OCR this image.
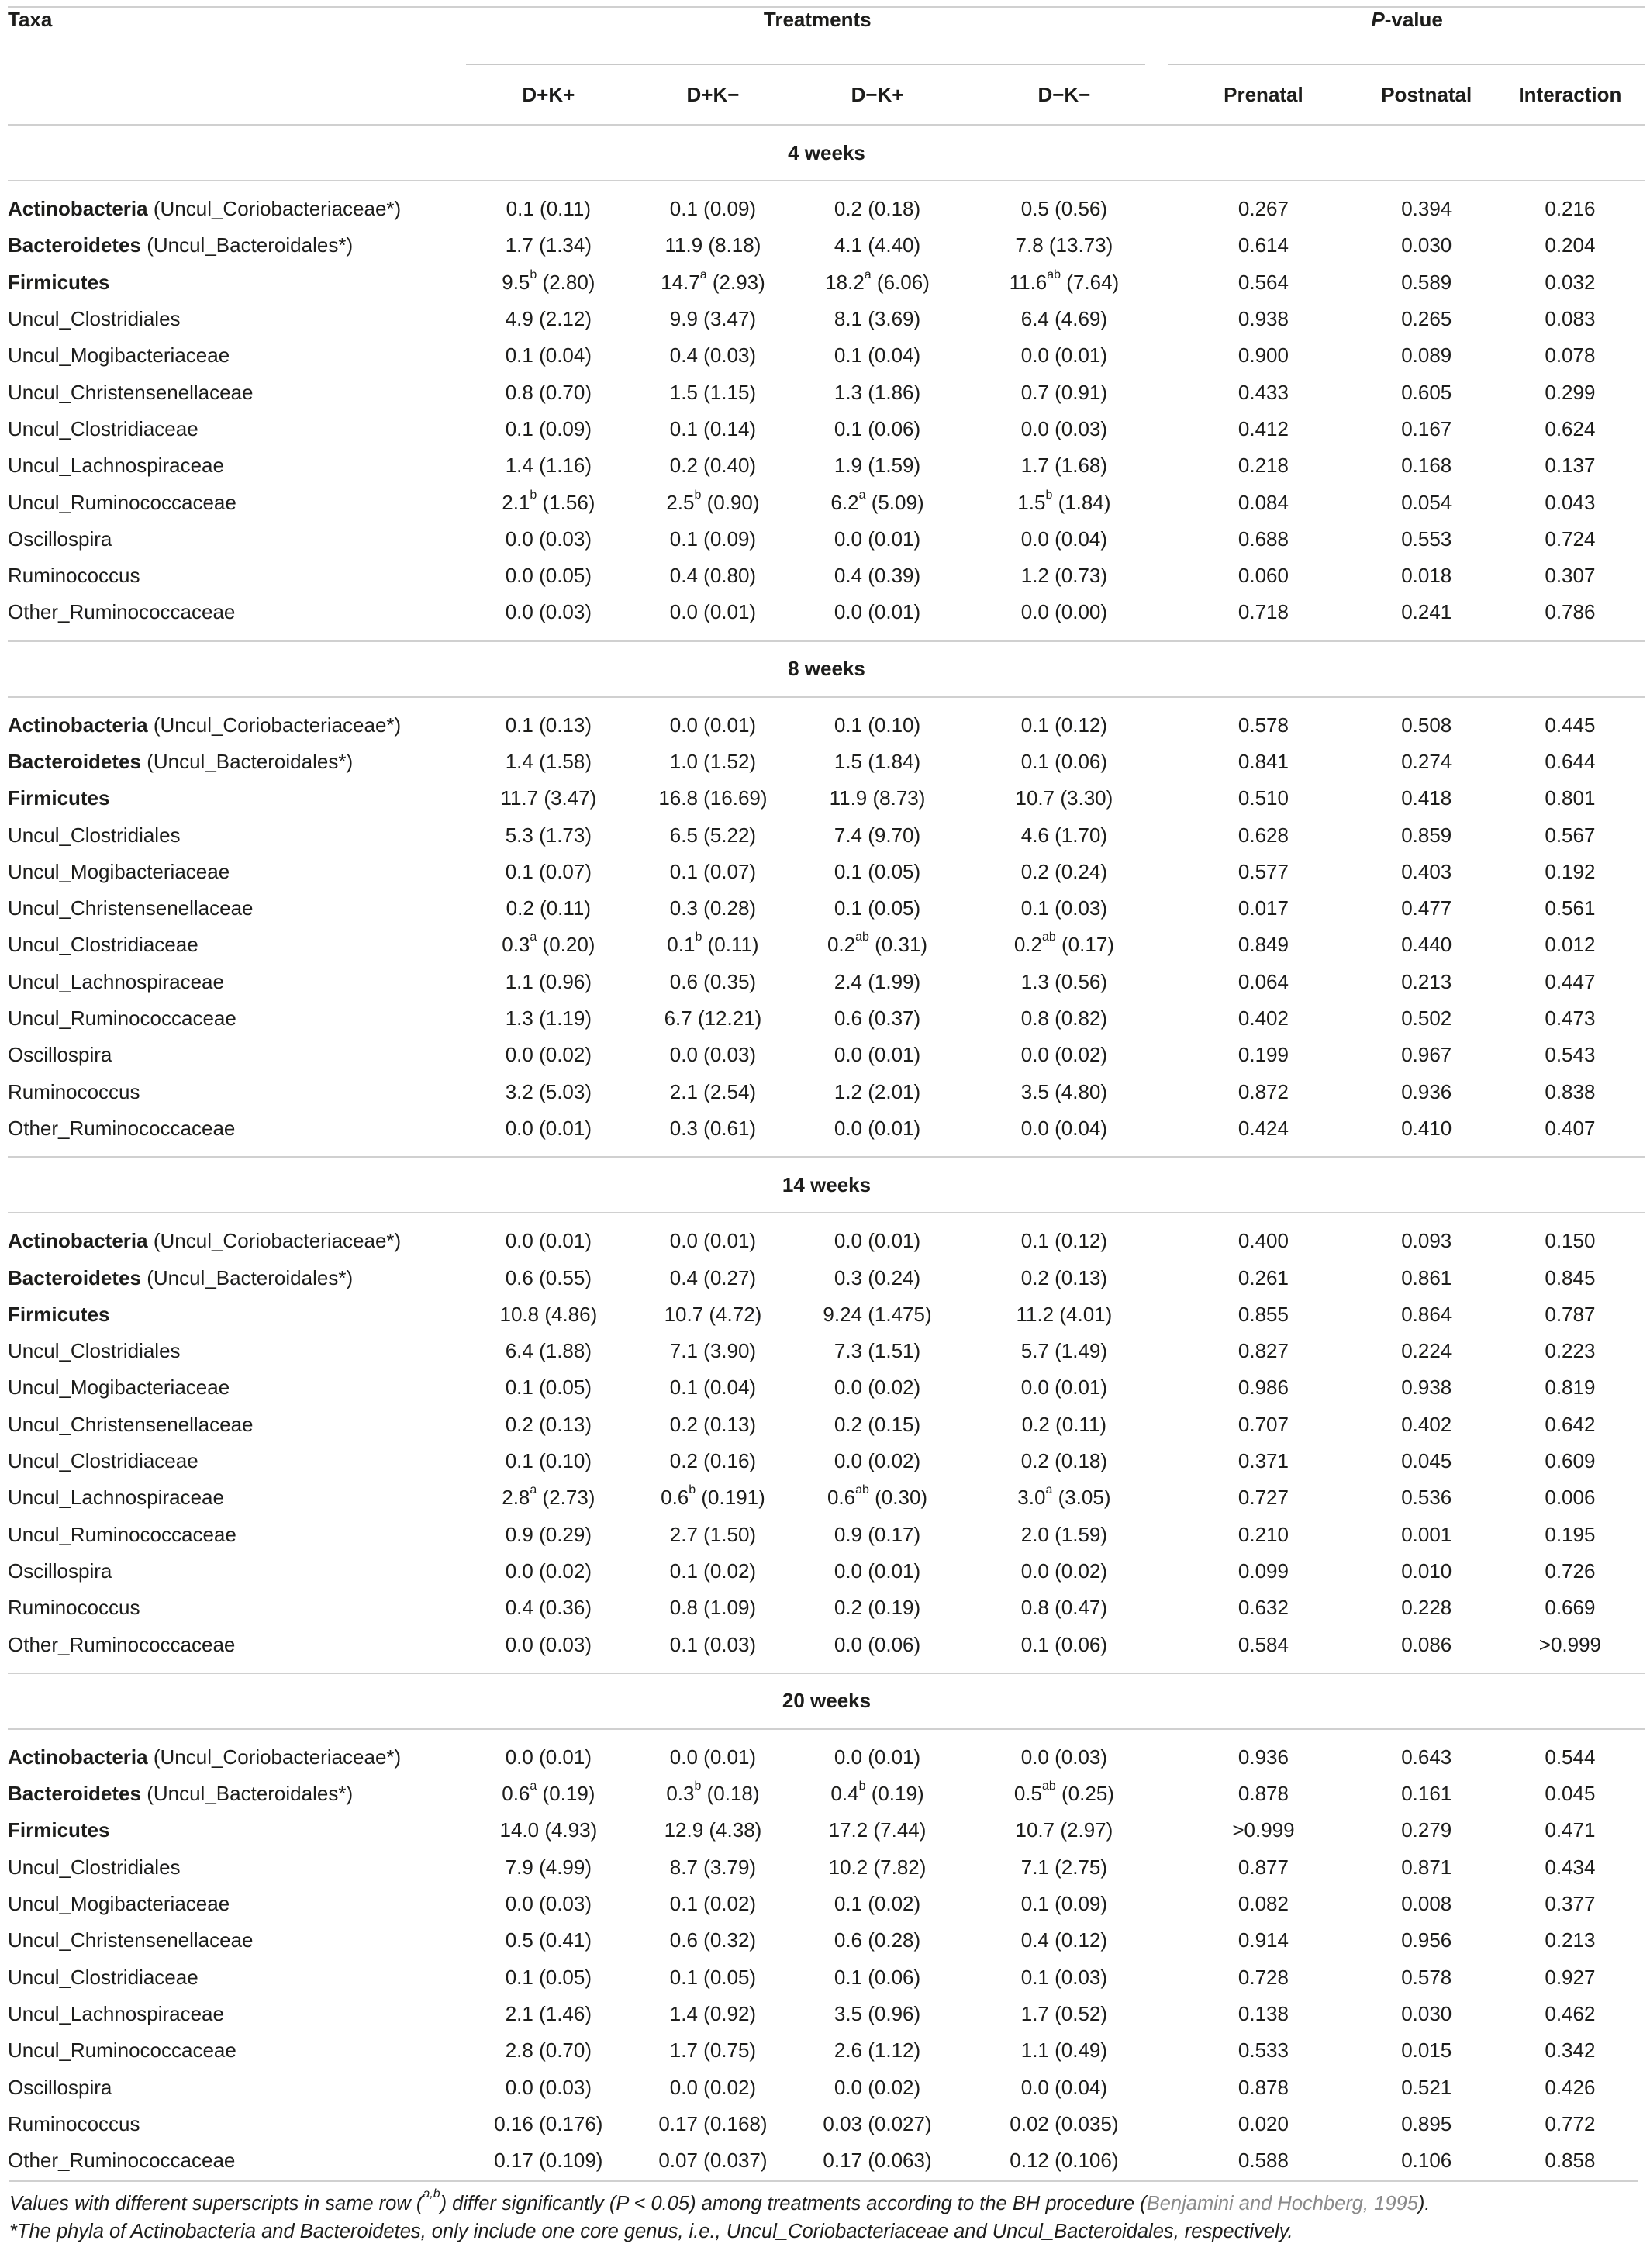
Taxa	Treatments				P-value		
	D+K+	D+K−	D−K+	D−K−	Prenatal	Postnatal	Interaction
4 weeks							

Actinobacteria (Uncul_Coriobacteriaceae*)	0.1 (0.11)	0.1 (0.09)	0.2 (0.18)	0.5 (0.56)	0.267	0.394	0.216
Bacteroidetes (Uncul_Bacteroidales*)	1.7 (1.34)	11.9 (8.18)	4.1 (4.40)	7.8 (13.73)	0.614	0.030	0.204
Firmicutes	9.5$^b$ (2.80)	14.7$^a$ (2.93)	18.2$^a$ (6.06)	11.6$^{ab}$ (7.64)	0.564	0.589	0.032
Uncul_Clostridiales	4.9 (2.12)	9.9 (3.47)	8.1 (3.69)	6.4 (4.69)	0.938	0.265	0.083
Uncul_Mogibacteriaceae	0.1 (0.04)	0.4 (0.03)	0.1 (0.04)	0.0 (0.01)	0.900	0.089	0.078
Uncul_Christensenellaceae	0.8 (0.70)	1.5 (1.15)	1.3 (1.86)	0.7 (0.91)	0.433	0.605	0.299
Uncul_Clostridiaceae	0.1 (0.09)	0.1 (0.14)	0.1 (0.06)	0.0 (0.03)	0.412	0.167	0.624
Uncul_Lachnospiraceae	1.4 (1.16)	0.2 (0.40)	1.9 (1.59)	1.7 (1.68)	0.218	0.168	0.137
Uncul_Ruminococcaceae	2.1$^b$ (1.56)	2.5$^b$ (0.90)	6.2$^a$ (5.09)	1.5$^b$ (1.84)	0.084	0.054	0.043
Oscillospira	0.0 (0.03)	0.1 (0.09)	0.0 (0.01)	0.0 (0.04)	0.688	0.553	0.724
Ruminococcus	0.0 (0.05)	0.4 (0.80)	0.4 (0.39)	1.2 (0.73)	0.060	0.018	0.307
Other_Ruminococcaceae	0.0 (0.03)	0.0 (0.01)	0.0 (0.01)	0.0 (0.00)	0.718	0.241	0.786

8 weeks							

Actinobacteria (Uncul_Coriobacteriaceae*)	0.1 (0.13)	0.0 (0.01)	0.1 (0.10)	0.1 (0.12)	0.578	0.508	0.445
Bacteroidetes (Uncul_Bacteroidales*)	1.4 (1.58)	1.0 (1.52)	1.5 (1.84)	0.1 (0.06)	0.841	0.274	0.644
Firmicutes	11.7 (3.47)	16.8 (16.69)	11.9 (8.73)	10.7 (3.30)	0.510	0.418	0.801
Uncul_Clostridiales	5.3 (1.73)	6.5 (5.22)	7.4 (9.70)	4.6 (1.70)	0.628	0.859	0.567
Uncul_Mogibacteriaceae	0.1 (0.07)	0.1 (0.07)	0.1 (0.05)	0.2 (0.24)	0.577	0.403	0.192
Uncul_Christensenellaceae	0.2 (0.11)	0.3 (0.28)	0.1 (0.05)	0.1 (0.03)	0.017	0.477	0.561
Uncul_Clostridiaceae	0.3$^a$ (0.20)	0.1$^b$ (0.11)	0.2$^{ab}$ (0.31)	0.2$^{ab}$ (0.17)	0.849	0.440	0.012
Uncul_Lachnospiraceae	1.1 (0.96)	0.6 (0.35)	2.4 (1.99)	1.3 (0.56)	0.064	0.213	0.447
Uncul_Ruminococcaceae	1.3 (1.19)	6.7 (12.21)	0.6 (0.37)	0.8 (0.82)	0.402	0.502	0.473
Oscillospira	0.0 (0.02)	0.0 (0.03)	0.0 (0.01)	0.0 (0.02)	0.199	0.967	0.543
Ruminococcus	3.2 (5.03)	2.1 (2.54)	1.2 (2.01)	3.5 (4.80)	0.872	0.936	0.838
Other_Ruminococcaceae	0.0 (0.01)	0.3 (0.61)	0.0 (0.01)	0.0 (0.04)	0.424	0.410	0.407

14 weeks							

Actinobacteria (Uncul_Coriobacteriaceae*)	0.0 (0.01)	0.0 (0.01)	0.0 (0.01)	0.1 (0.12)	0.400	0.093	0.150
Bacteroidetes (Uncul_Bacteroidales*)	0.6 (0.55)	0.4 (0.27)	0.3 (0.24)	0.2 (0.13)	0.261	0.861	0.845
Firmicutes	10.8 (4.86)	10.7 (4.72)	9.24 (1.475)	11.2 (4.01)	0.855	0.864	0.787
Uncul_Clostridiales	6.4 (1.88)	7.1 (3.90)	7.3 (1.51)	5.7 (1.49)	0.827	0.224	0.223
Uncul_Mogibacteriaceae	0.1 (0.05)	0.1 (0.04)	0.0 (0.02)	0.0 (0.01)	0.986	0.938	0.819
Uncul_Christensenellaceae	0.2 (0.13)	0.2 (0.13)	0.2 (0.15)	0.2 (0.11)	0.707	0.402	0.642
Uncul_Clostridiaceae	0.1 (0.10)	0.2 (0.16)	0.0 (0.02)	0.2 (0.18)	0.371	0.045	0.609
Uncul_Lachnospiraceae	2.8$^a$ (2.73)	0.6$^b$ (0.191)	0.6$^{ab}$ (0.30)	3.0$^a$ (3.05)	0.727	0.536	0.006
Uncul_Ruminococcaceae	0.9 (0.29)	2.7 (1.50)	0.9 (0.17)	2.0 (1.59)	0.210	0.001	0.195
Oscillospira	0.0 (0.02)	0.1 (0.02)	0.0 (0.01)	0.0 (0.02)	0.099	0.010	0.726
Ruminococcus	0.4 (0.36)	0.8 (1.09)	0.2 (0.19)	0.8 (0.47)	0.632	0.228	0.669
Other_Ruminococcaceae	0.0 (0.03)	0.1 (0.03)	0.0 (0.06)	0.1 (0.06)	0.584	0.086	>0.999

20 weeks							

Actinobacteria (Uncul_Coriobacteriaceae*)	0.0 (0.01)	0.0 (0.01)	0.0 (0.01)	0.0 (0.03)	0.936	0.643	0.544
Bacteroidetes (Uncul_Bacteroidales*)	0.6$^a$ (0.19)	0.3$^b$ (0.18)	0.4$^b$ (0.19)	0.5$^{ab}$ (0.25)	0.878	0.161	0.045
Firmicutes	14.0 (4.93)	12.9 (4.38)	17.2 (7.44)	10.7 (2.97)	>0.999	0.279	0.471
Uncul_Clostridiales	7.9 (4.99)	8.7 (3.79)	10.2 (7.82)	7.1 (2.75)	0.877	0.871	0.434
Uncul_Mogibacteriaceae	0.0 (0.03)	0.1 (0.02)	0.1 (0.02)	0.1 (0.09)	0.082	0.008	0.377
Uncul_Christensenellaceae	0.5 (0.41)	0.6 (0.32)	0.6 (0.28)	0.4 (0.12)	0.914	0.956	0.213
Uncul_Clostridiaceae	0.1 (0.05)	0.1 (0.05)	0.1 (0.06)	0.1 (0.03)	0.728	0.578	0.927
Uncul_Lachnospiraceae	2.1 (1.46)	1.4 (0.92)	3.5 (0.96)	1.7 (0.52)	0.138	0.030	0.462
Uncul_Ruminococcaceae	2.8 (0.70)	1.7 (0.75)	2.6 (1.12)	1.1 (0.49)	0.533	0.015	0.342
Oscillospira	0.0 (0.03)	0.0 (0.02)	0.0 (0.02)	0.0 (0.04)	0.878	0.521	0.426
Ruminococcus	0.16 (0.176)	0.17 (0.168)	0.03 (0.027)	0.02 (0.035)	0.020	0.895	0.772
Other_Ruminococcaceae	0.17 (0.109)	0.07 (0.037)	0.17 (0.063)	0.12 (0.106)	0.588	0.106	0.858

Values with different superscripts in same row ($^{a,b}$) differ significantly (P < 0.05) among treatments according to the BH procedure (Benjamini and Hochberg, 1995).
*The phyla of Actinobacteria and Bacteroidetes, only include one core genus, i.e., Uncul_Coriobacteriaceae and Uncul_Bacteroidales, respectively.
